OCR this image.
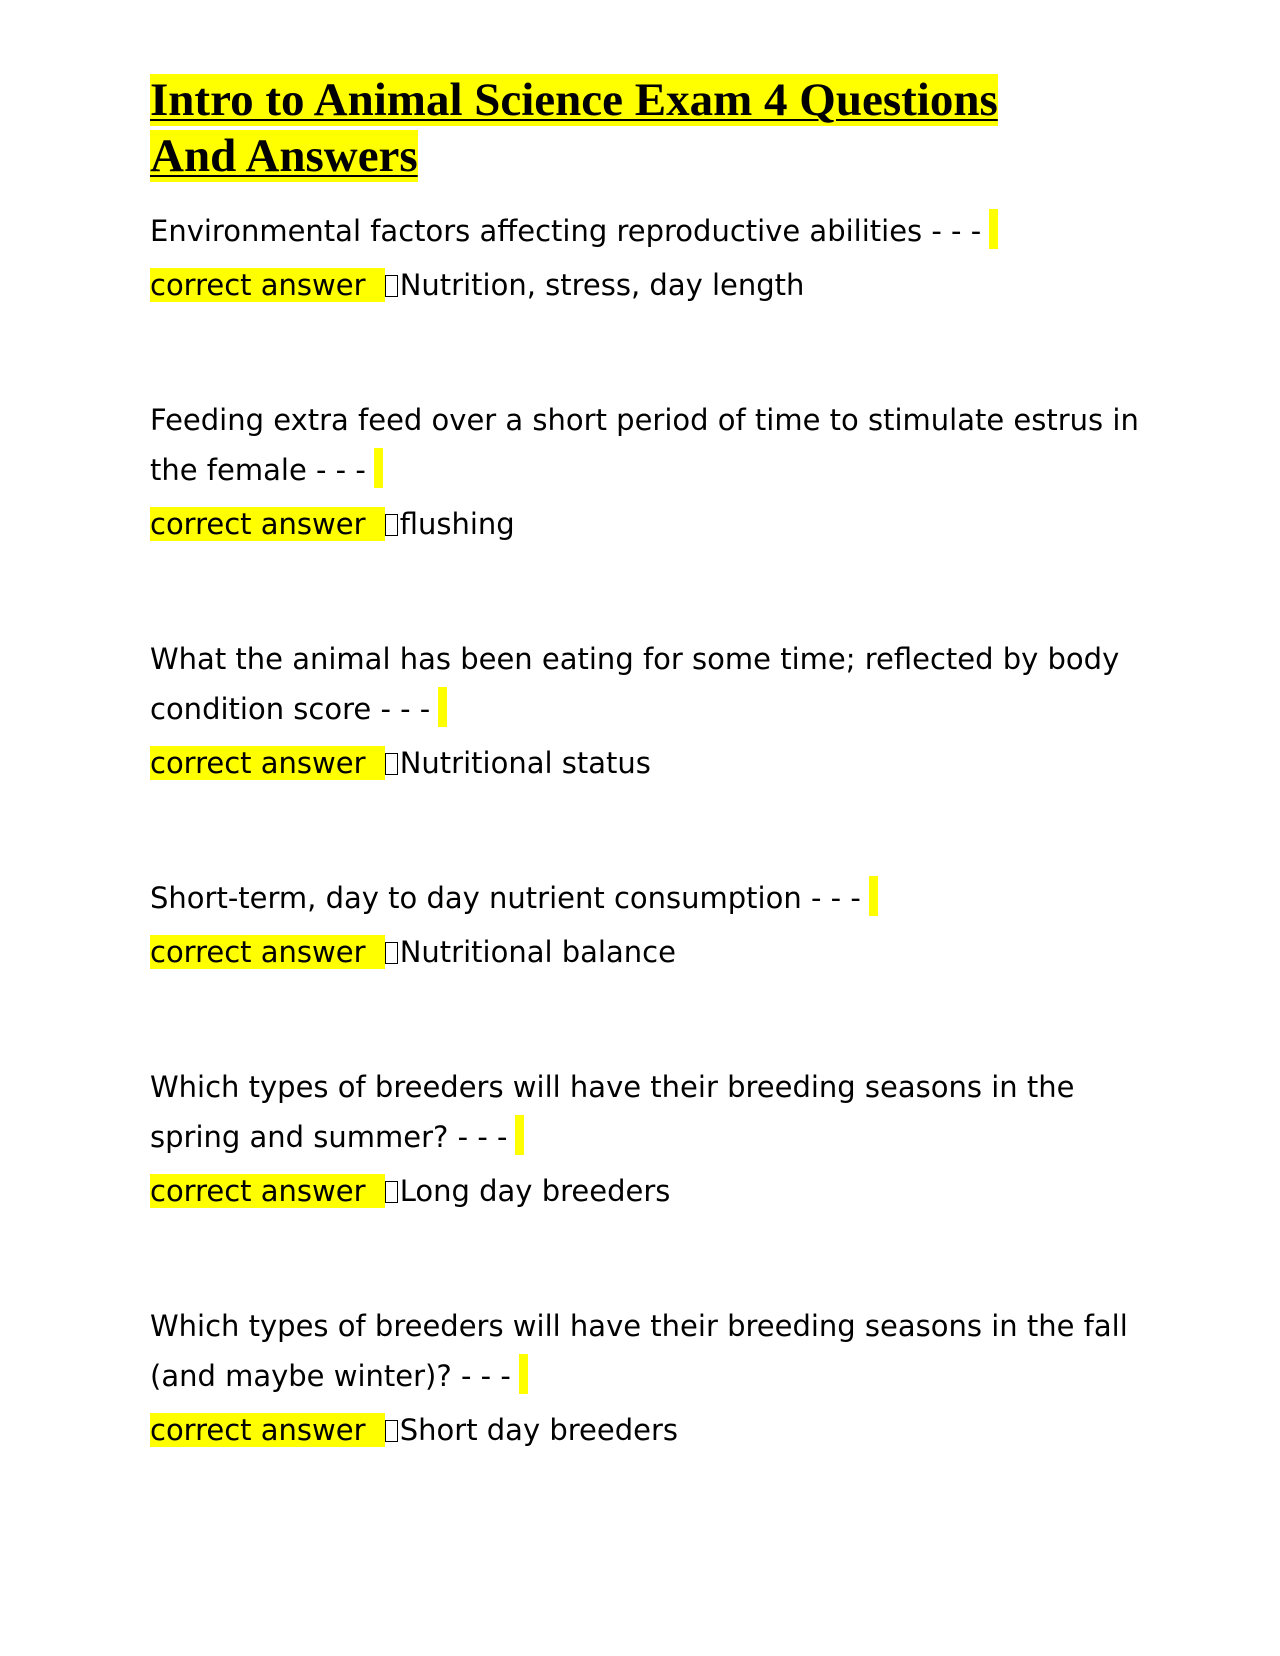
Intro to Animal Science Exam 4 Questions
And Answers
Environmental factors affecting reproductive abilities - - -
correct answer Nutrition, stress, day length
Feeding extra feed over a short period of time to stimulate estrus in the female - - -
correct answer flushing
What the animal has been eating for some time; reflected by body condition score - - -
correct answer Nutritional status
Short-term, day to day nutrient consumption - - -
correct answer Nutritional balance
Which types of breeders will have their breeding seasons in the spring and summer? - - -
correct answer Long day breeders
Which types of breeders will have their breeding seasons in the fall (and maybe winter)? - - -
correct answer Short day breeders
